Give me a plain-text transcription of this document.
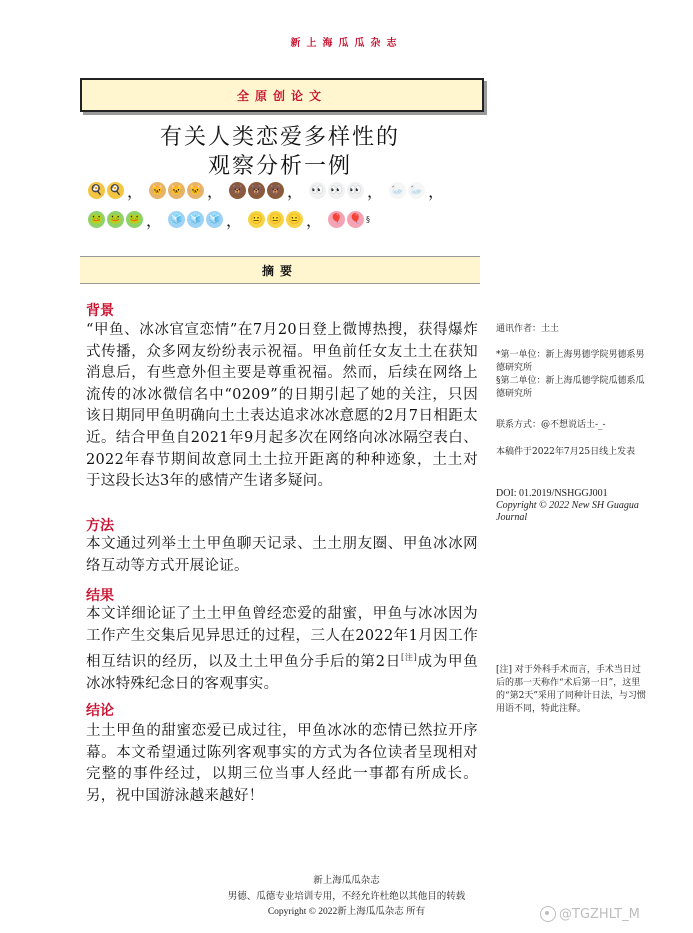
新上海瓜瓜杂志
全原创论文
有关人类恋爱多样性的
观察分析一例
🍳 🍳 ， 🐱 🐱 🐱 ， 🐻 🐻 🐻 ， 👀 👀 👀 ， 🦢 🦢 ，
🐸 🐸 🐸 ， 🧊 🧊 🧊 ， 😐 😐 😐 ， 🎈 🎈 §
摘要
背景
“甲鱼、冰冰官宣恋情”在7月20日登上微博热搜，获得爆炸式传播，众多网友纷纷表示祝福。甲鱼前任女友土土在获知消息后，有些意外但主要是尊重祝福。然而，后续在网络上流传的冰冰微信名中“0209”的日期引起了她的关注，只因该日期同甲鱼明确向土土表达追求冰冰意愿的2月7日相距太近。结合甲鱼自2021年9月起多次在网络向冰冰隔空表白、2022年春节期间故意同土土拉开距离的种种迹象，土土对于这段长达3年的感情产生诸多疑问。
方法
本文通过列举土土甲鱼聊天记录、土土朋友圈、甲鱼冰冰网络互动等方式开展论证。
结果
本文详细论证了土土甲鱼曾经恋爱的甜蜜，甲鱼与冰冰因为工作产生交集后见异思迁的过程，三人在2022年1月因工作相互结识的经历，以及土土甲鱼分手后的第2日[注]成为甲鱼冰冰特殊纪念日的客观事实。
结论
土土甲鱼的甜蜜恋爱已成过往，甲鱼冰冰的恋情已然拉开序幕。本文希望通过陈列客观事实的方式为各位读者呈现相对完整的事件经过，以期三位当事人经此一事都有所成长。另，祝中国游泳越来越好！
通讯作者：土土
*第一单位：新上海男德学院男德系男德研究所
§第二单位：新上海瓜德学院瓜德系瓜德研究所
联系方式：@不想说话土-_-
本稿件于2022年7月25日线上发表
DOI: 01.2019/NSHGGJ001
Copyright © 2022 New SH Guagua Journal
[注] 对于外科手术而言，手术当日过后的那一天称作“术后第一日”，这里的“第2天”采用了同种计日法，与习惯用语不同，特此注释。
新上海瓜瓜杂志
男德、瓜德专业培训专用，不经允许杜绝以其他目的转载
Copyright © 2022新上海瓜瓜杂志 所有	@TGZHLT_M
